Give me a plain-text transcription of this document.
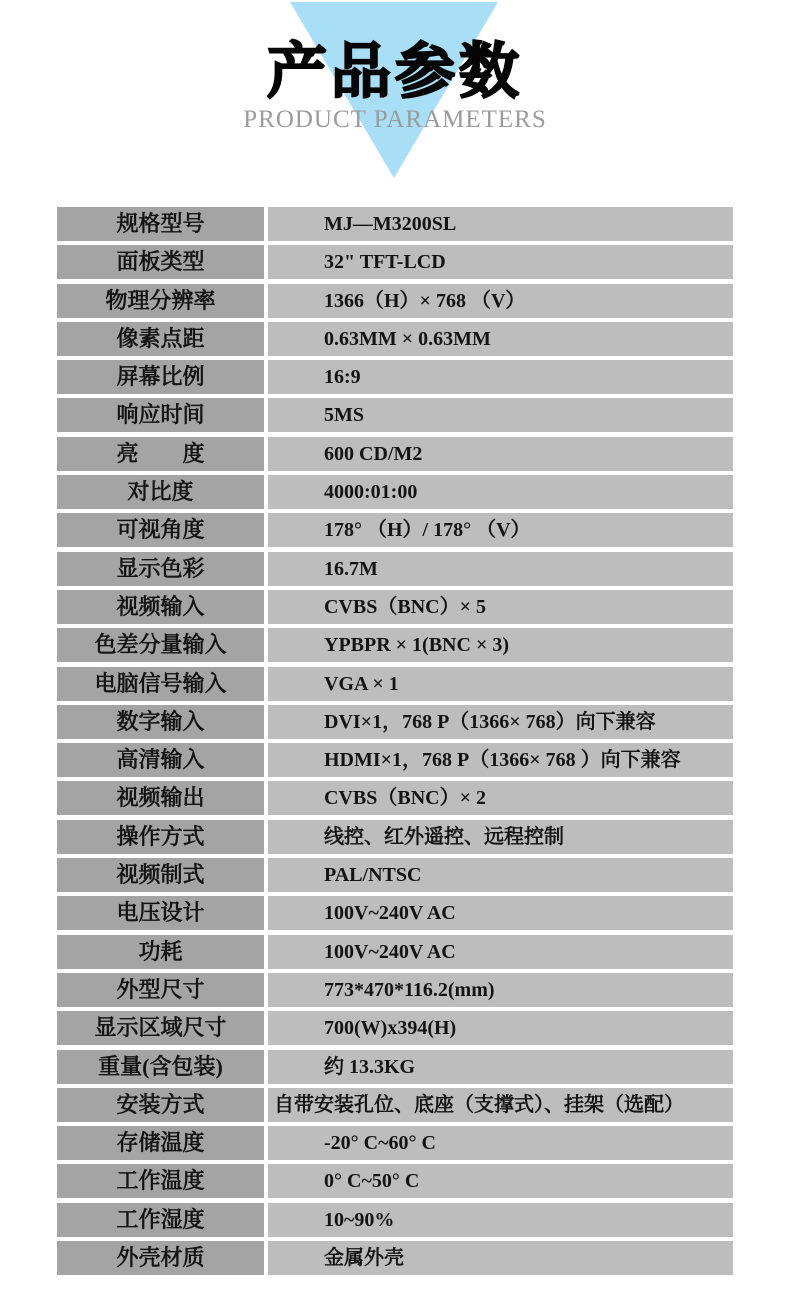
产品参数
PRODUCT PARAMETERS
规格型号	MJ—M3200SL
面板类型	32" TFT-LCD
物理分辨率	1366（H）× 768 （V）
像素点距	0.63MM × 0.63MM
屏幕比例	16:9
响应时间	5MS
亮　　度	600 CD/M2
对比度	4000:01:00
可视角度	178° （H）/ 178° （V）
显示色彩	16.7M
视频输入	CVBS（BNC）× 5
色差分量输入	YPBPR × 1(BNC × 3)
电脑信号输入	VGA × 1
数字输入	DVI×1，768 P（1366× 768）向下兼容
高清输入	HDMI×1，768 P（1366× 768 ）向下兼容
视频输出	CVBS（BNC）× 2
操作方式	线控、红外遥控、远程控制
视频制式	PAL/NTSC
电压设计	100V~240V AC
功耗	100V~240V AC
外型尺寸	773*470*116.2(mm)
显示区域尺寸	700(W)x394(H)
重量(含包装)	约 13.3KG
安装方式	自带安装孔位、底座（支撑式）、挂架（选配）
存储温度	-20° C~60° C
工作温度	0° C~50° C
工作湿度	10~90%
外壳材质	金属外壳
